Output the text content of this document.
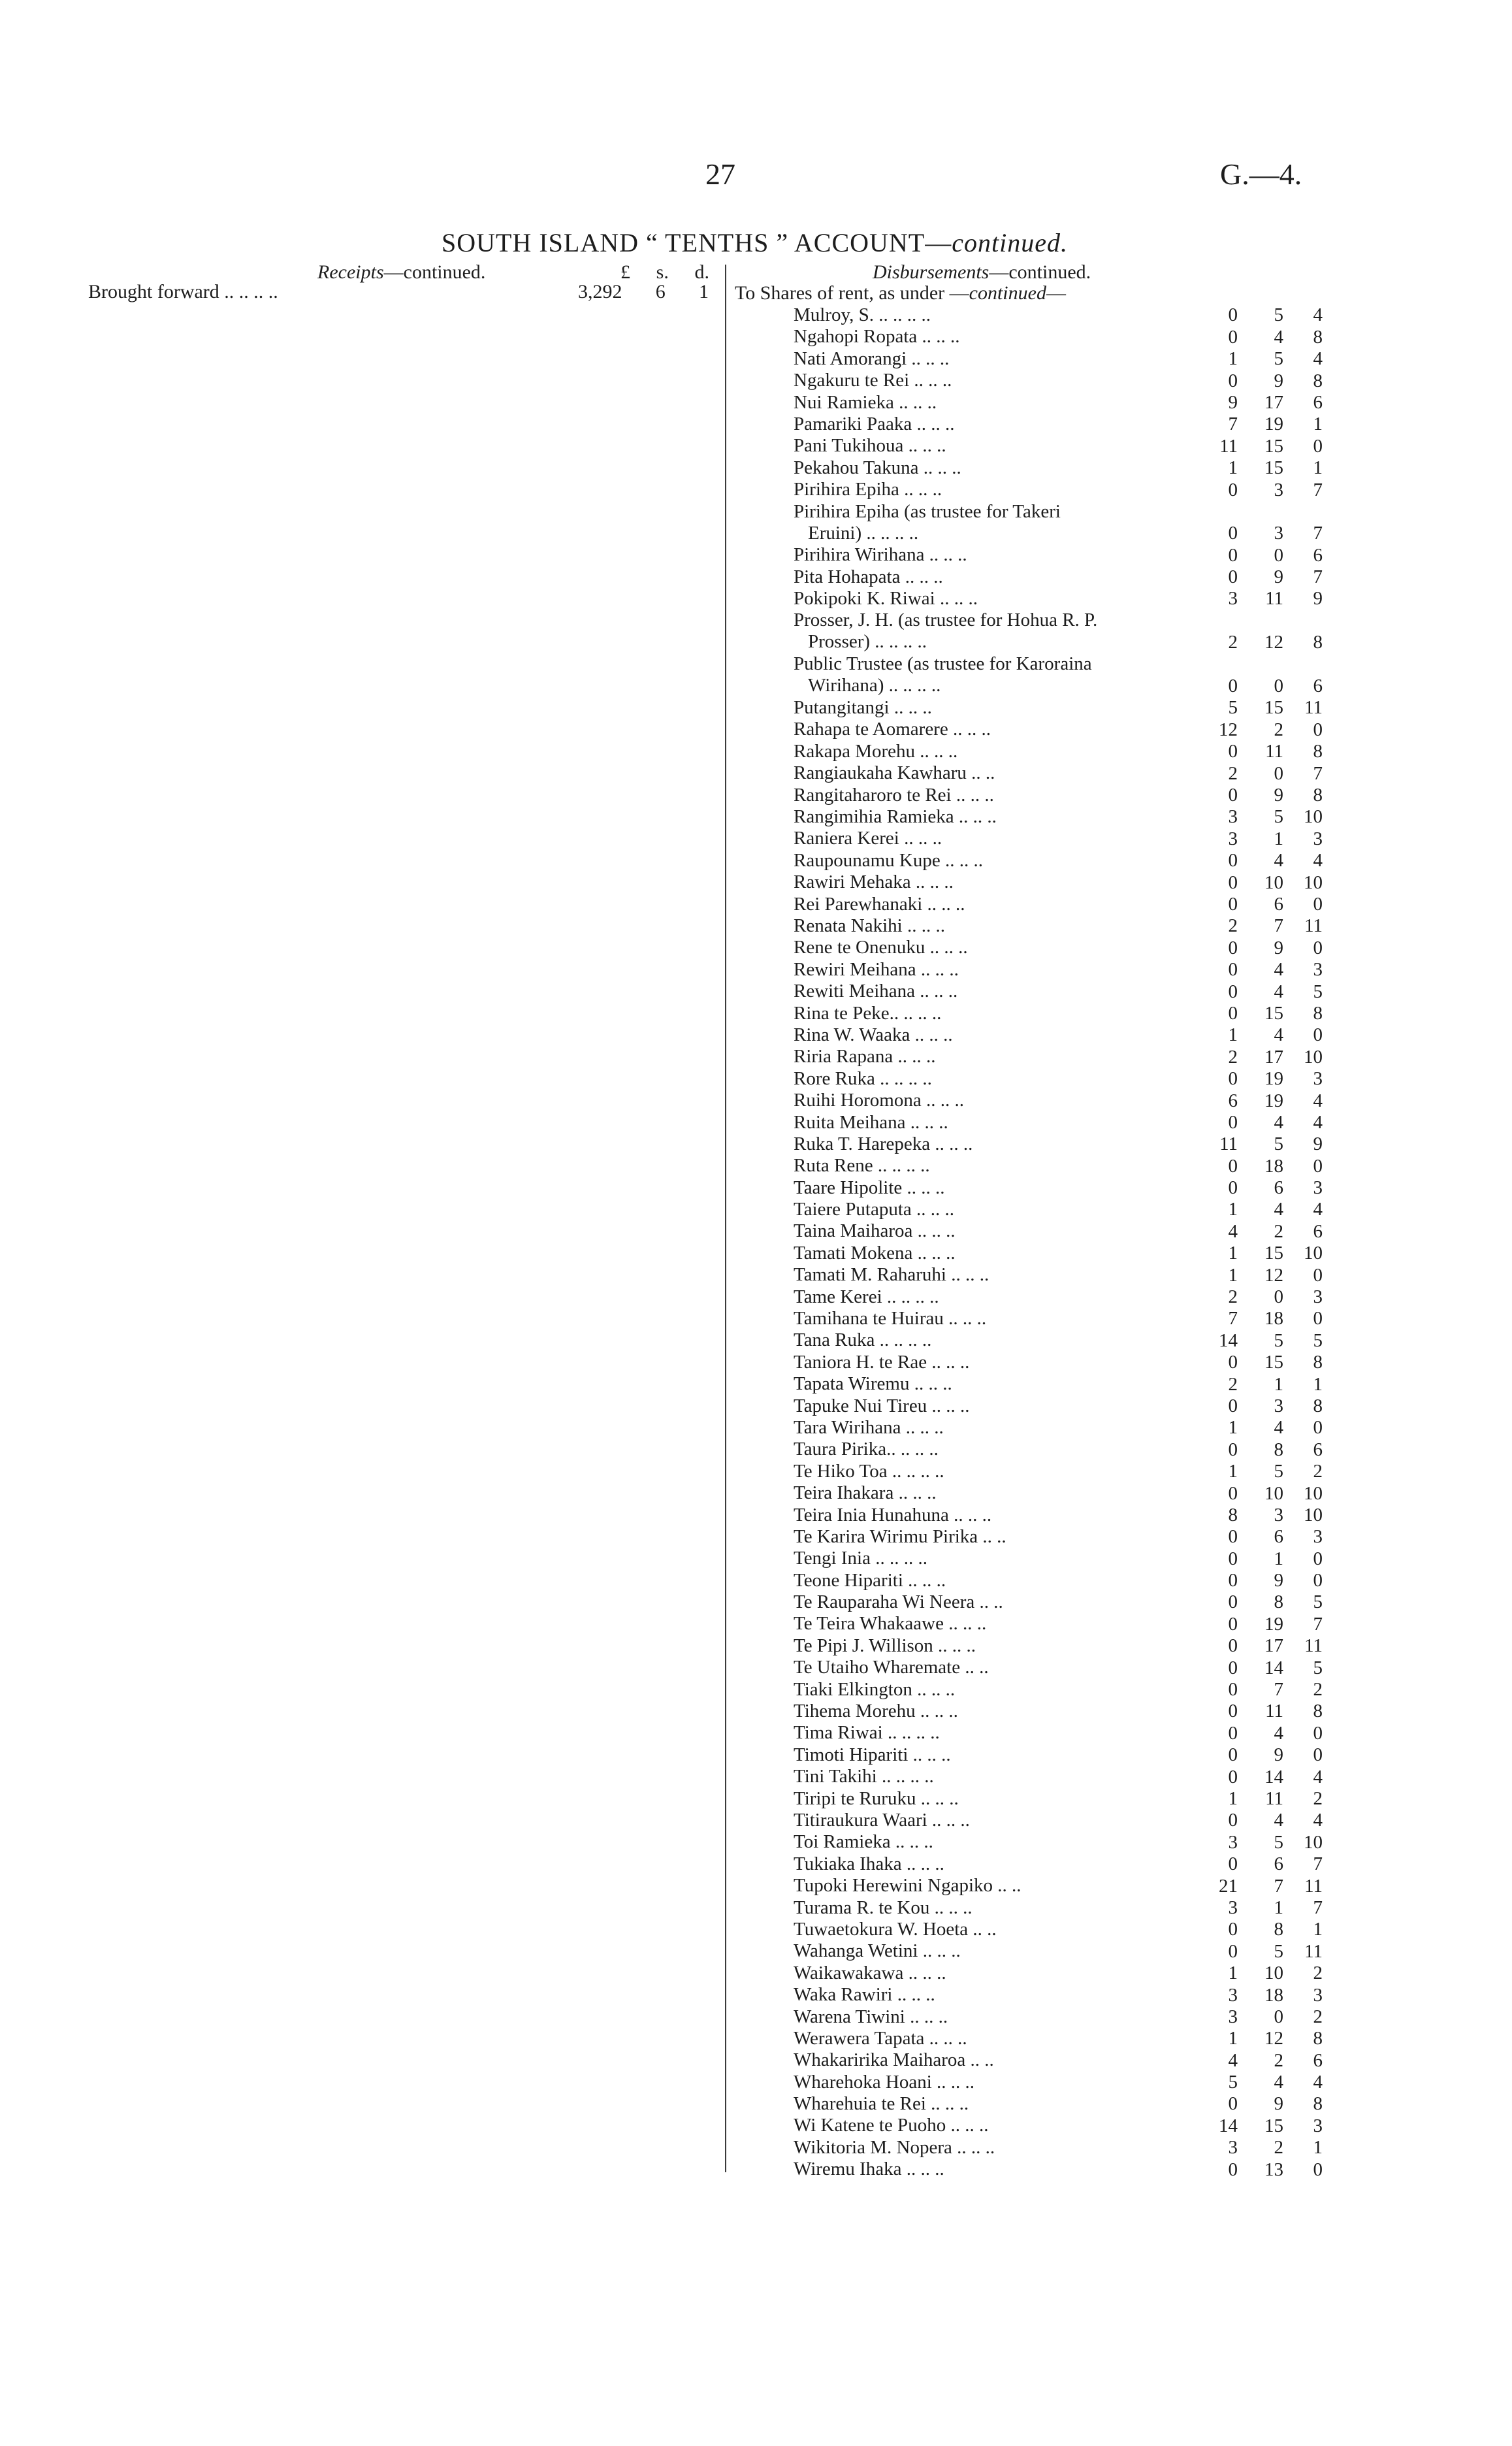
27	G.—4.
SOUTH ISLAND “ TENTHS ” ACCOUNT—continued.
Receipts—continued.	£ s. d.
Brought forward .. .. .. ..	3,292 6 1
Disbursements—continued.
To Shares of rent, as under —continued—
Mulroy, S. .. .. .. ..	0	5	4
Ngahopi Ropata .. .. ..	0	4	8
Nati Amorangi .. .. ..	1	5	4
Ngakuru te Rei .. .. ..	0	9	8
Nui Ramieka .. .. ..	9	17	6
Pamariki Paaka .. .. ..	7	19	1
Pani Tukihoua .. .. ..	11	15	0
Pekahou Takuna .. .. ..	1	15	1
Pirihira Epiha .. .. ..	0	3	7
Pirihira Epiha (as trustee for Takeri
Eruini) .. .. .. ..	0	3	7
Pirihira Wirihana .. .. ..	0	0	6
Pita Hohapata .. .. ..	0	9	7
Pokipoki K. Riwai .. .. ..	3	11	9
Prosser, J. H. (as trustee for Hohua R. P.
Prosser) .. .. .. ..	2	12	8
Public Trustee (as trustee for Karoraina
Wirihana) .. .. .. ..	0	0	6
Putangitangi .. .. ..	5	15	11
Rahapa te Aomarere .. .. ..	12	2	0
Rakapa Morehu .. .. ..	0	11	8
Rangiaukaha Kawharu .. ..	2	0	7
Rangitaharoro te Rei .. .. ..	0	9	8
Rangimihia Ramieka .. .. ..	3	5	10
Raniera Kerei .. .. ..	3	1	3
Raupounamu Kupe .. .. ..	0	4	4
Rawiri Mehaka .. .. ..	0	10	10
Rei Parewhanaki .. .. ..	0	6	0
Renata Nakihi .. .. ..	2	7	11
Rene te Onenuku .. .. ..	0	9	0
Rewiri Meihana .. .. ..	0	4	3
Rewiti Meihana .. .. ..	0	4	5
Rina te Peke.. .. .. ..	0	15	8
Rina W. Waaka .. .. ..	1	4	0
Riria Rapana .. .. ..	2	17	10
Rore Ruka .. .. .. ..	0	19	3
Ruihi Horomona .. .. ..	6	19	4
Ruita Meihana .. .. ..	0	4	4
Ruka T. Harepeka .. .. ..	11	5	9
Ruta Rene .. .. .. ..	0	18	0
Taare Hipolite .. .. ..	0	6	3
Taiere Putaputa .. .. ..	1	4	4
Taina Maiharoa .. .. ..	4	2	6
Tamati Mokena .. .. ..	1	15	10
Tamati M. Raharuhi .. .. ..	1	12	0
Tame Kerei .. .. .. ..	2	0	3
Tamihana te Huirau .. .. ..	7	18	0
Tana Ruka .. .. .. ..	14	5	5
Taniora H. te Rae .. .. ..	0	15	8
Tapata Wiremu .. .. ..	2	1	1
Tapuke Nui Tireu .. .. ..	0	3	8
Tara Wirihana .. .. ..	1	4	0
Taura Pirika.. .. .. ..	0	8	6
Te Hiko Toa .. .. .. ..	1	5	2
Teira Ihakara .. .. ..	0	10	10
Teira Inia Hunahuna .. .. ..	8	3	10
Te Karira Wirimu Pirika .. ..	0	6	3
Tengi Inia .. .. .. ..	0	1	0
Teone Hipariti .. .. ..	0	9	0
Te Rauparaha Wi Neera .. ..	0	8	5
Te Teira Whakaawe .. .. ..	0	19	7
Te Pipi J. Willison .. .. ..	0	17	11
Te Utaiho Wharemate .. ..	0	14	5
Tiaki Elkington .. .. ..	0	7	2
Tihema Morehu .. .. ..	0	11	8
Tima Riwai .. .. .. ..	0	4	0
Timoti Hipariti .. .. ..	0	9	0
Tini Takihi .. .. .. ..	0	14	4
Tiripi te Ruruku .. .. ..	1	11	2
Titiraukura Waari .. .. ..	0	4	4
Toi Ramieka .. .. ..	3	5	10
Tukiaka Ihaka .. .. ..	0	6	7
Tupoki Herewini Ngapiko .. ..	21	7	11
Turama R. te Kou .. .. ..	3	1	7
Tuwaetokura W. Hoeta .. ..	0	8	1
Wahanga Wetini .. .. ..	0	5	11
Waikawakawa .. .. ..	1	10	2
Waka Rawiri .. .. ..	3	18	3
Warena Tiwini .. .. ..	3	0	2
Werawera Tapata .. .. ..	1	12	8
Whakaririka Maiharoa .. ..	4	2	6
Wharehoka Hoani .. .. ..	5	4	4
Wharehuia te Rei .. .. ..	0	9	8
Wi Katene te Puoho .. .. ..	14	15	3
Wikitoria M. Nopera .. .. ..	3	2	1
Wiremu Ihaka .. .. ..	0	13	0
